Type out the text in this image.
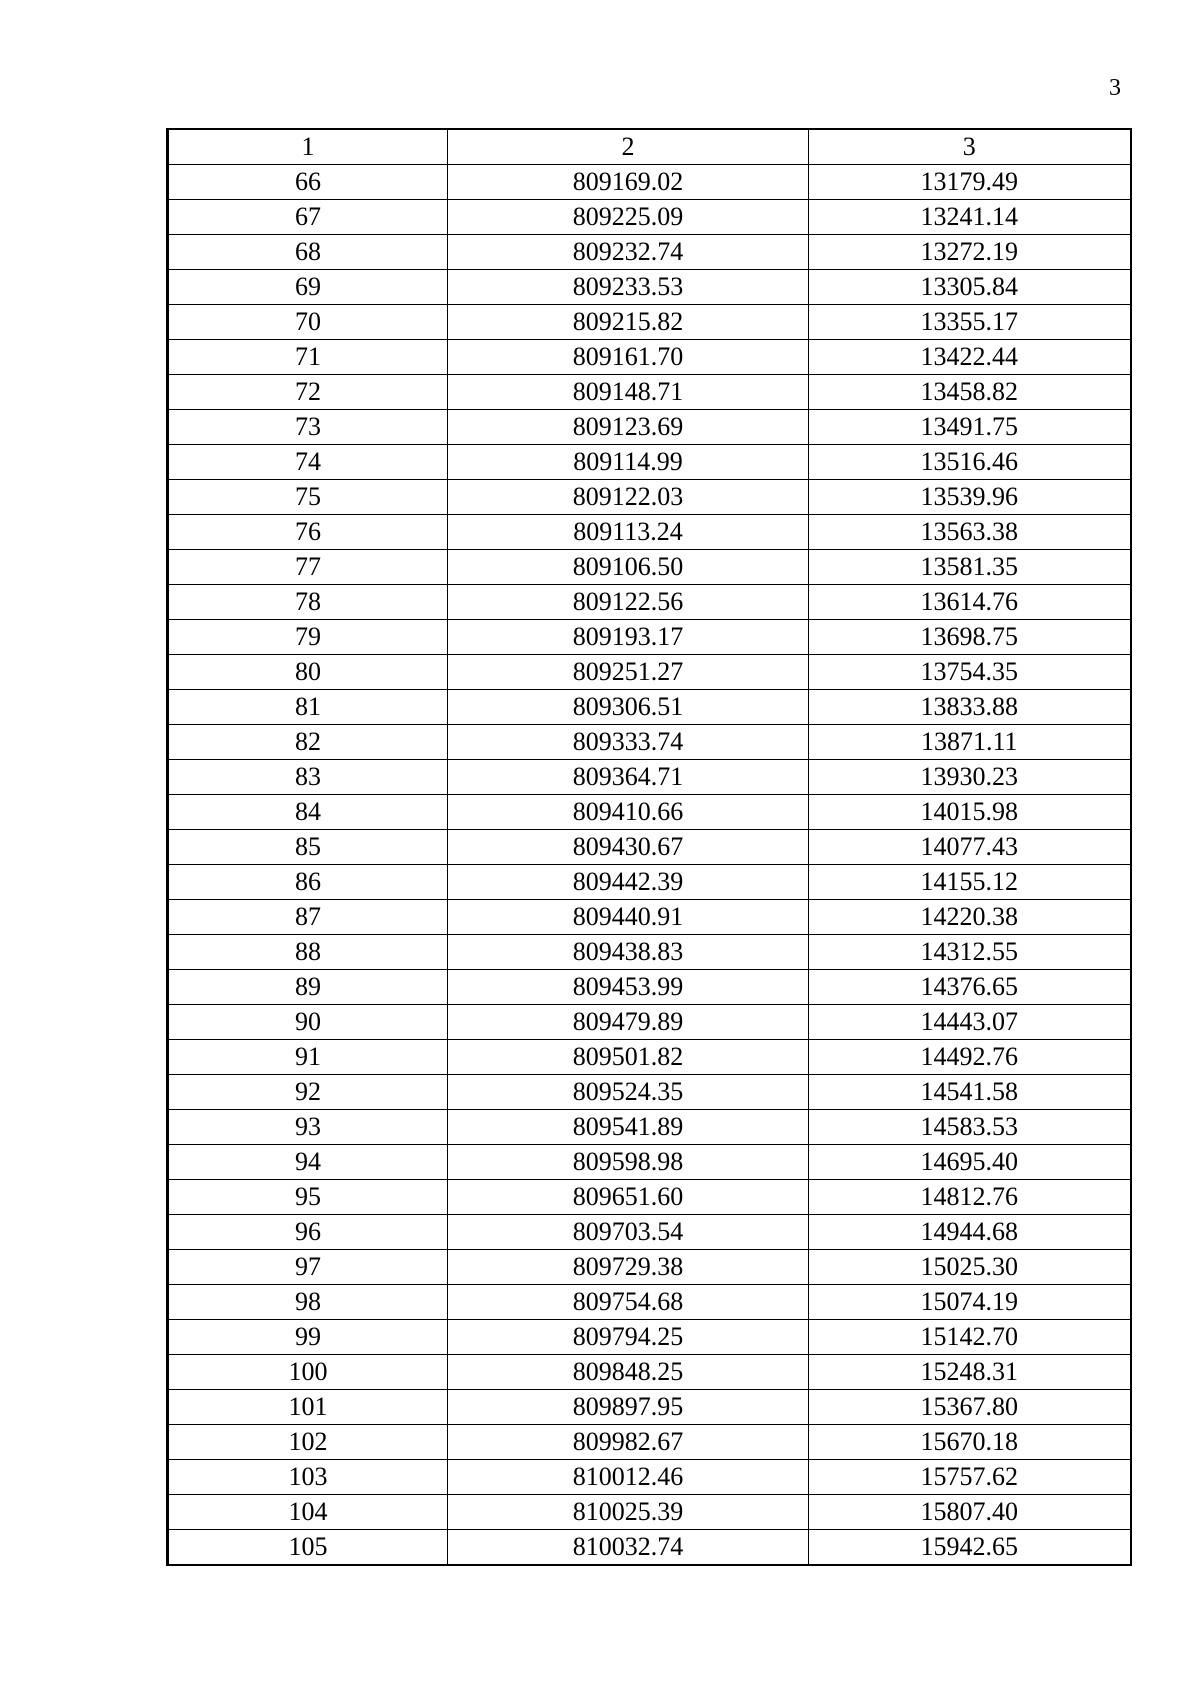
3
1	2	3
66	809169.02	13179.49
67	809225.09	13241.14
68	809232.74	13272.19
69	809233.53	13305.84
70	809215.82	13355.17
71	809161.70	13422.44
72	809148.71	13458.82
73	809123.69	13491.75
74	809114.99	13516.46
75	809122.03	13539.96
76	809113.24	13563.38
77	809106.50	13581.35
78	809122.56	13614.76
79	809193.17	13698.75
80	809251.27	13754.35
81	809306.51	13833.88
82	809333.74	13871.11
83	809364.71	13930.23
84	809410.66	14015.98
85	809430.67	14077.43
86	809442.39	14155.12
87	809440.91	14220.38
88	809438.83	14312.55
89	809453.99	14376.65
90	809479.89	14443.07
91	809501.82	14492.76
92	809524.35	14541.58
93	809541.89	14583.53
94	809598.98	14695.40
95	809651.60	14812.76
96	809703.54	14944.68
97	809729.38	15025.30
98	809754.68	15074.19
99	809794.25	15142.70
100	809848.25	15248.31
101	809897.95	15367.80
102	809982.67	15670.18
103	810012.46	15757.62
104	810025.39	15807.40
105	810032.74	15942.65
